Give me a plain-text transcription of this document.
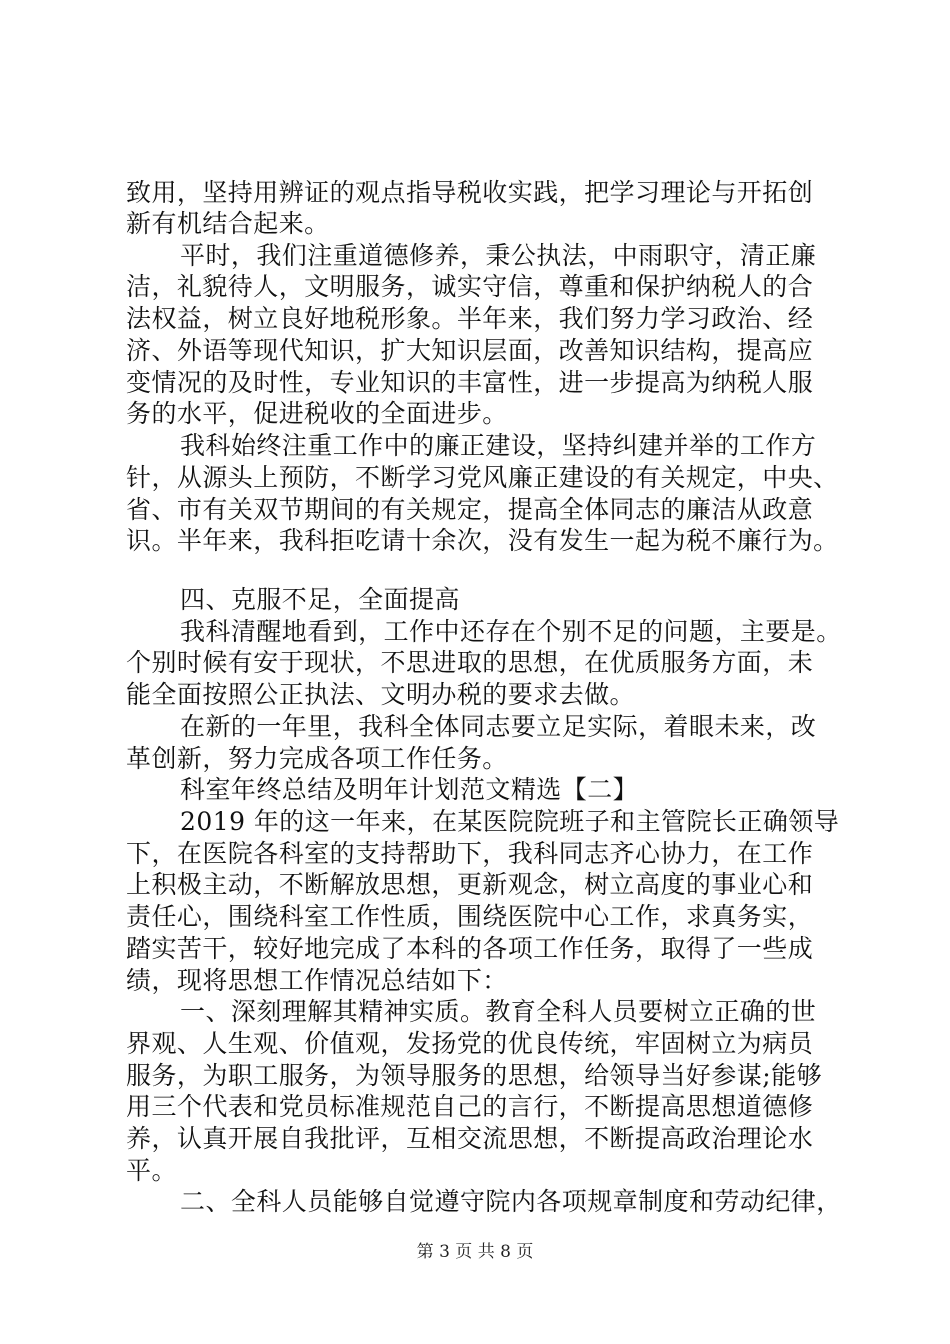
致用，坚持用辨证的观点指导税收实践，把学习理论与开拓创
新有机结合起来。
平时，我们注重道德修养，秉公执法，中雨职守，清正廉
洁，礼貌待人，文明服务，诚实守信，尊重和保护纳税人的合
法权益，树立良好地税形象。半年来，我们努力学习政治、经
济、外语等现代知识，扩大知识层面，改善知识结构，提高应
变情况的及时性，专业知识的丰富性，进一步提高为纳税人服
务的水平，促进税收的全面进步。
我科始终注重工作中的廉正建设，坚持纠建并举的工作方
针，从源头上预防，不断学习党风廉正建设的有关规定，中央、
省、市有关双节期间的有关规定，提高全体同志的廉洁从政意
识。半年来，我科拒吃请十余次，没有发生一起为税不廉行为。
四、克服不足，全面提高
我科清醒地看到，工作中还存在个别不足的问题，主要是。
个别时候有安于现状，不思进取的思想，在优质服务方面，未
能全面按照公正执法、文明办税的要求去做。
在新的一年里，我科全体同志要立足实际，着眼未来，改
革创新，努力完成各项工作任务。
科室年终总结及明年计划范文精选【二】
2019 年的这一年来，在某医院院班子和主管院长正确领导
下，在医院各科室的支持帮助下，我科同志齐心协力，在工作
上积极主动，不断解放思想，更新观念，树立高度的事业心和
责任心，围绕科室工作性质，围绕医院中心工作，求真务实，
踏实苦干，较好地完成了本科的各项工作任务，取得了一些成
绩，现将思想工作情况总结如下：
一、深刻理解其精神实质。教育全科人员要树立正确的世
界观、人生观、价值观，发扬党的优良传统，牢固树立为病员
服务，为职工服务，为领导服务的思想，给领导当好参谋;能够
用三个代表和党员标准规范自己的言行，不断提高思想道德修
养，认真开展自我批评，互相交流思想，不断提高政治理论水
平。
二、全科人员能够自觉遵守院内各项规章制度和劳动纪律，
第 3 页 共 8 页
